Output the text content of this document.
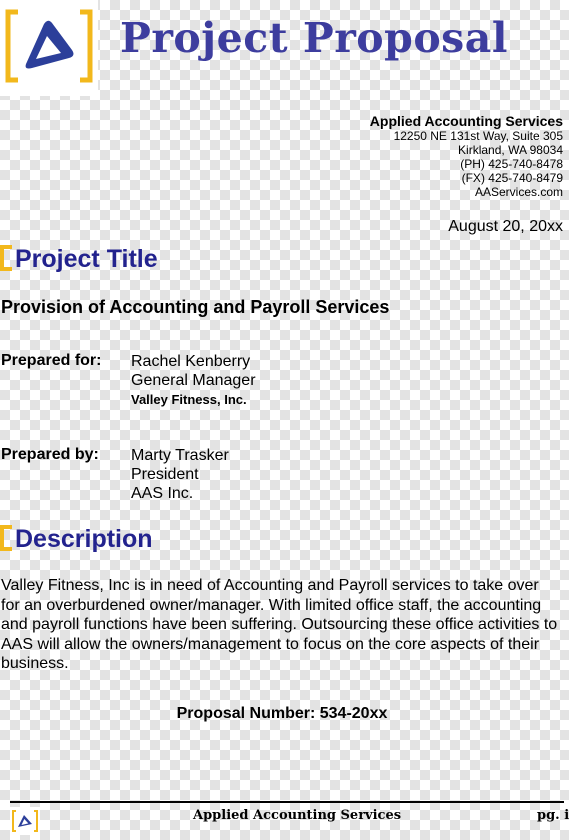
Project Proposal
Applied Accounting Services
12250 NE 131st Way, Suite 305
Kirkland, WA 98034
(PH) 425-740-8478
(FX) 425-740-8479
AAServices.com
August 20, 20xx
Project Title
Provision of Accounting and Payroll Services
Prepared for: Rachel Kenberry
General Manager
Valley Fitness, Inc.
Prepared by: Marty Trasker
President
AAS Inc.
Description
Valley Fitness, Inc is in need of Accounting and Payroll services to take over for an overburdened owner/manager. With limited office staff, the accounting and payroll functions have been suffering. Outsourcing these office activities to AAS will allow the owners/management to focus on the core aspects of their business.
Proposal Number: 534-20xx
Applied Accounting Services	pg. i
